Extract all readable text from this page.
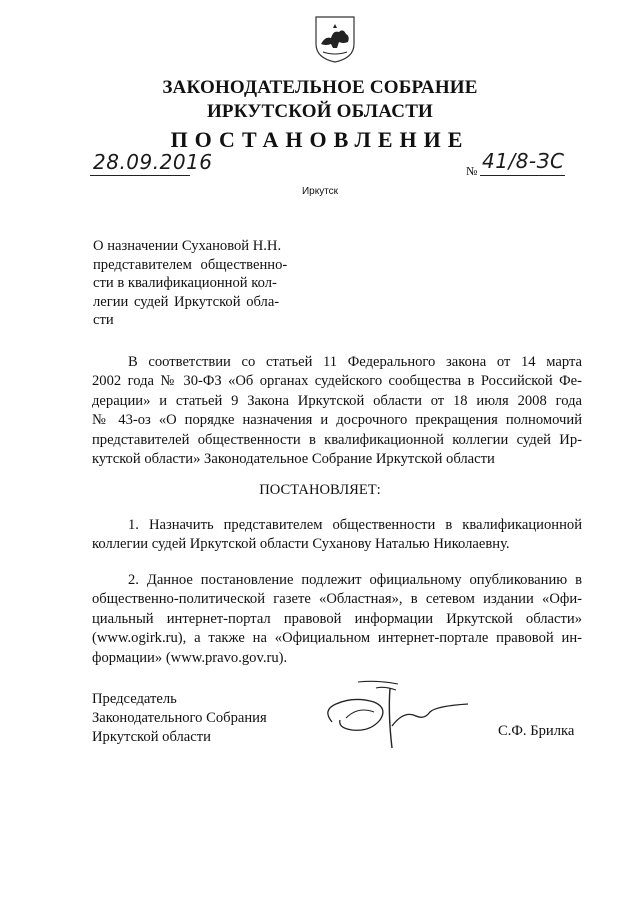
ЗАКОНОДАТЕЛЬНОЕ СОБРАНИЕ
ИРКУТСКОЙ ОБЛАСТИ
ПОСТАНОВЛЕНИЕ
28.09.2016	№ 41/8-ЗС
Иркутск
О назначении Сухановой Н.Н.
представителем общественно-
сти в квалификационной кол-
легии судей Иркутской обла-
сти
В соответствии со статьей 11 Федерального закона от 14 марта
2002 года № 30-ФЗ «Об органах судейского сообщества в Российской Фе-
дерации» и статьей 9 Закона Иркутской области от 18 июля 2008 года
№ 43-оз «О порядке назначения и досрочного прекращения полномочий
представителей общественности в квалификационной коллегии судей Ир-
кутской области» Законодательное Собрание Иркутской области
ПОСТАНОВЛЯЕТ:
1. Назначить представителем общественности в квалификационной
коллегии судей Иркутской области Суханову Наталью Николаевну.
2. Данное постановление подлежит официальному опубликованию в
общественно-политической газете «Областная», в сетевом издании «Офи-
циальный интернет-портал правовой информации Иркутской области»
(www.ogirk.ru), а также на «Официальном интернет-портале правовой ин-
формации» (www.pravo.gov.ru).
Председатель
Законодательного Собрания
Иркутской области	С.Ф. Брилка
